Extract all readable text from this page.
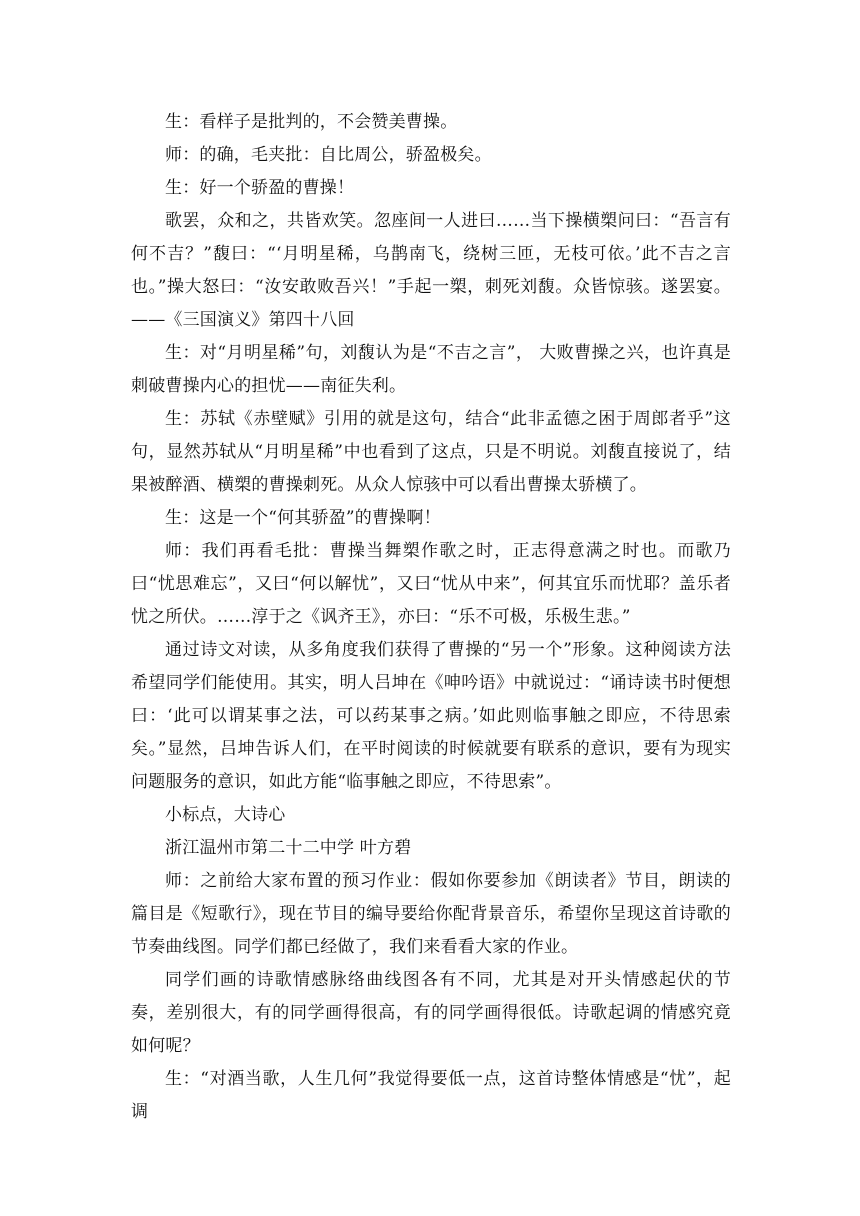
生：看样子是批判的，不会赞美曹操。

师：的确，毛夹批：自比周公，骄盈极矣。

生：好一个骄盈的曹操！

歌罢，众和之，共皆欢笑。忽座间一人进曰……当下操横槊问曰：“吾言有何不吉？”馥曰：“‘月明星稀，乌鹊南飞，绕树三匝，无枝可依。’此不吉之言也。”操大怒曰：“汝安敢败吾兴！”手起一槊，刺死刘馥。众皆惊骇。遂罢宴。——《三国演义》第四十八回

生：对“月明星稀”句，刘馥认为是“不吉之言”， 大败曹操之兴，也许真是刺破曹操内心的担忧——南征失利。

生：苏轼《赤壁赋》引用的就是这句，结合“此非孟德之困于周郎者乎”这句，显然苏轼从“月明星稀”中也看到了这点，只是不明说。刘馥直接说了，结果被醉酒、横槊的曹操刺死。从众人惊骇中可以看出曹操太骄横了。

生：这是一个“何其骄盈”的曹操啊！

师：我们再看毛批：曹操当舞槊作歌之时，正志得意满之时也。而歌乃曰“忧思难忘”，又曰“何以解忧”，又曰“忧从中来”，何其宜乐而忧耶？盖乐者忧之所伏。……淳于之《讽齐王》，亦曰：“乐不可极，乐极生悲。”

通过诗文对读，从多角度我们获得了曹操的“另一个”形象。这种阅读方法希望同学们能使用。其实，明人吕坤在《呻吟语》中就说过：“诵诗读书时便想曰：‘此可以谓某事之法，可以药某事之病。’如此则临事触之即应，不待思索矣。”显然，吕坤告诉人们，在平时阅读的时候就要有联系的意识，要有为现实问题服务的意识，如此方能“临事触之即应，不待思索”。

小标点，大诗心

浙江温州市第二十二中学 叶方碧

师：之前给大家布置的预习作业：假如你要参加《朗读者》节目，朗读的篇目是《短歌行》，现在节目的编导要给你配背景音乐，希望你呈现这首诗歌的节奏曲线图。同学们都已经做了，我们来看看大家的作业。

同学们画的诗歌情感脉络曲线图各有不同，尤其是对开头情感起伏的节奏，差别很大，有的同学画得很高，有的同学画得很低。诗歌起调的情感究竟如何呢？

生：“对酒当歌，人生几何”我觉得要低一点，这首诗整体情感是“忧”，起调
